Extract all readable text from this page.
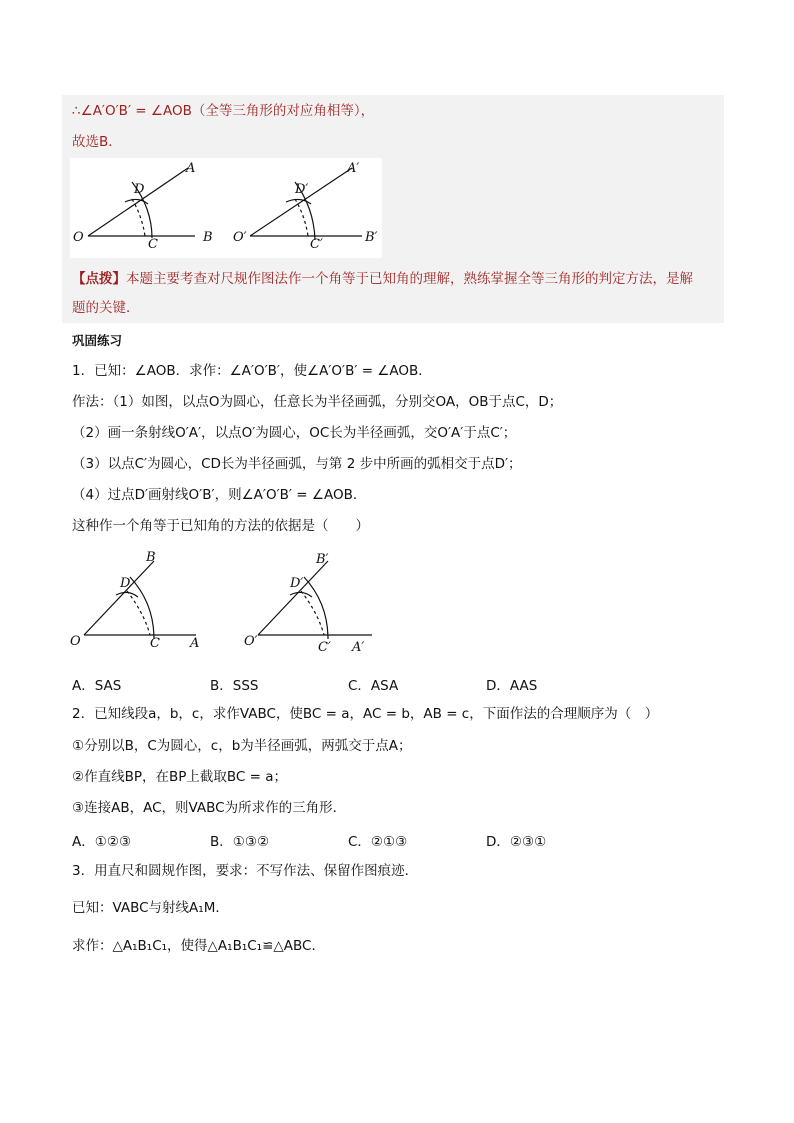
∴∠A′O′B′ = ∠AOB（全等三角形的对应角相等），
故选B．
O
A
B
C
D
O′
A′
B′
C′
D′
【点拨】本题主要考查对尺规作图法作一个角等于已知角的理解，熟练掌握全等三角形的判定方法，是解
题的关键．
巩固练习
1．已知：∠AOB．求作：∠A′O′B′，使∠A′O′B′ = ∠AOB．
作法：（1）如图，以点O为圆心，任意长为半径画弧，分别交OA，OB于点C，D；
（2）画一条射线O′A′，以点O′为圆心，OC长为半径画弧，交O′A′于点C′；
（3）以点C′为圆心，CD长为半径画弧，与第 2 步中所画的弧相交于点D′；
（4）过点D′画射线O′B′，则∠A′O′B′ = ∠AOB．
这种作一个角等于已知角的方法的依据是（　　）
O	A
B
C
D
O′	A′
B′
C′
D′
A．SAS	B．SSS	C．ASA	D．AAS
2．已知线段a，b，c，求作VABC，使BC = a，AC = b，AB = c，下面作法的合理顺序为（　）
①分别以B，C为圆心，c，b为半径画弧，两弧交于点A；
②作直线BP，在BP上截取BC = a；
③连接AB，AC，则VABC为所求作的三角形．
A．①②③	B．①③②	C．②①③	D．②③①
3．用直尺和圆规作图，要求：不写作法、保留作图痕迹．
已知：VABC与射线A₁M．
求作：△A₁B₁C₁，使得△A₁B₁C₁≌△ABC．
